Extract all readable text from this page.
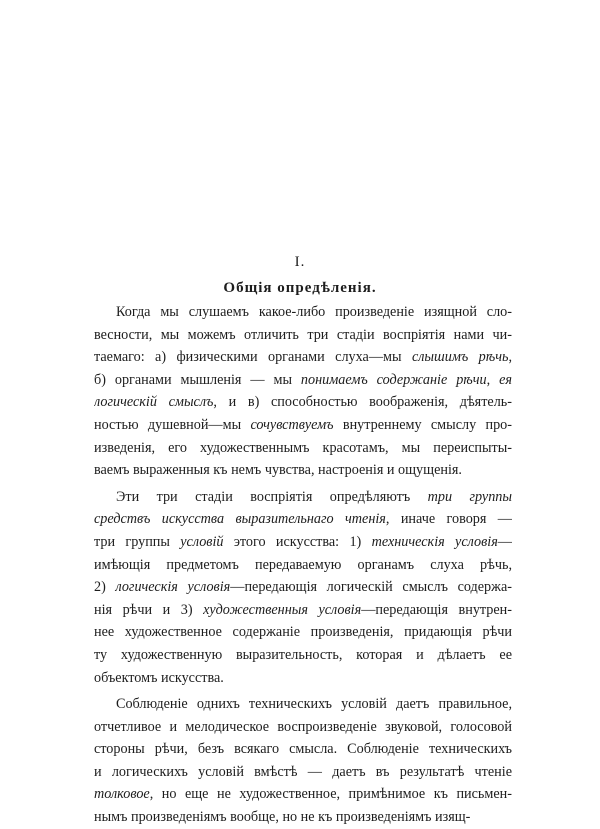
I.
Общія опредѣленія.
Когда мы слушаемъ какое-либо произведеніе изящной сло-
весности, мы можемъ отличить три стадіи воспріятія нами чи-
таемаго: а) физическими органами слуха—мы слышимъ рѣчь,
б) органами мышленія — мы понимаемъ содержаніе рѣчи, ея
логическій смыслъ, и в) способностью воображенія, дѣятель-
ностью душевной—мы сочувствуемъ внутреннему смыслу про-
изведенія, его художественнымъ красотамъ, мы переиспыты-
ваемъ выраженныя къ немъ чувства, настроенія и ощущенія.
Эти три стадіи воспріятія опредѣляютъ три группы
средствъ искусства выразительнаго чтенія, иначе говоря —
три группы условій этого искусства: 1) техническія условія—
имѣющія предметомъ передаваемую органамъ слуха рѣчь,
2) логическія условія—передающія логическій смыслъ содержа-
нія рѣчи и 3) художественныя условія—передающія внутрен-
нее художественное содержаніе произведенія, придающія рѣчи
ту художественную выразительность, которая и дѣлаетъ ее
объектомъ искусства.
Соблюденіе однихъ техническихъ условій даетъ правильное,
отчетливое и мелодическое воспроизведеніе звуковой, голосовой
стороны рѣчи, безъ всякаго смысла. Соблюденіе техническихъ
и логическихъ условій вмѣстѣ — даетъ въ результатѣ чтеніе
толковое, но еще не художественное, примѣнимое къ письмен-
нымъ произведеніямъ вообще, но не къ произведеніямъ изящ-
